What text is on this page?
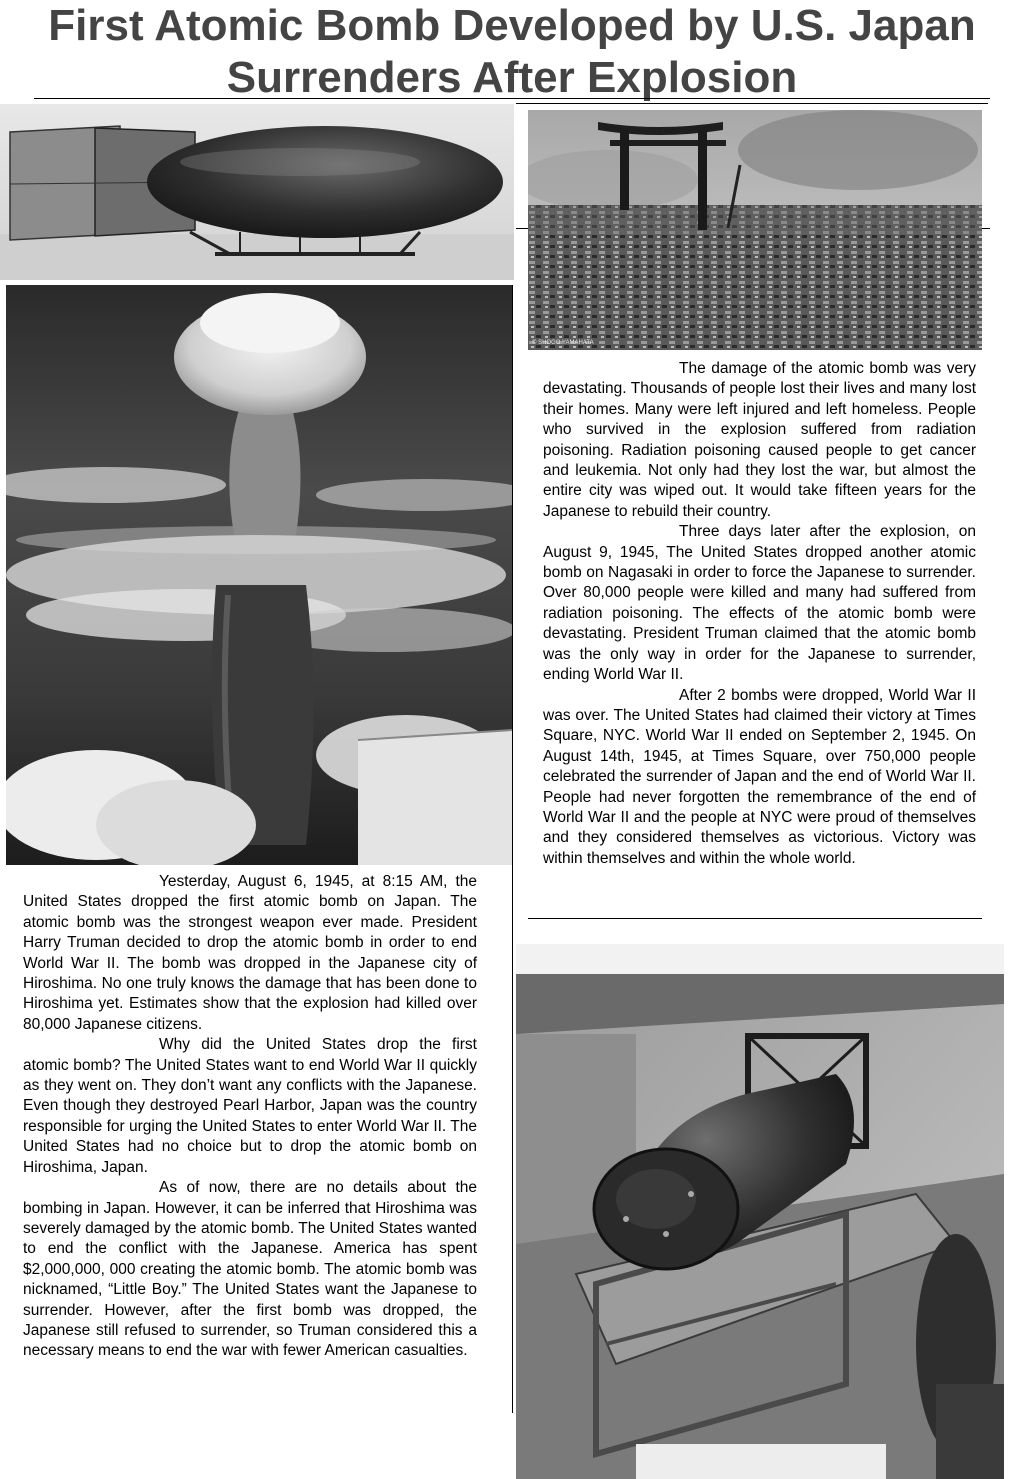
First Atomic Bomb Developed by U.S. Japan
Surrenders After Explosion
© SHOGO YAMAHATA

Yesterday, August 6, 1945, at 8:15 AM, the United States dropped the first atomic bomb on Japan. The atomic bomb was the strongest weapon ever made. President Harry Truman decided to drop the atomic bomb in order to end World War II. The bomb was dropped in the Japanese city of Hiroshima. No one truly knows the damage that has been done to Hiroshima yet. Estimates show that the explosion had killed over 80,000 Japanese citizens.

Why did the United States drop the first atomic bomb? The United States want to end World War II quickly as they went on. They don’t want any conflicts with the Japanese. Even though they destroyed Pearl Harbor, Japan was the country responsible for urging the United States to enter World War II. The United States had no choice but to drop the atomic bomb on Hiroshima, Japan.

As of now, there are no details about the bombing in Japan. However, it can be inferred that Hiroshima was severely damaged by the atomic bomb. The United States wanted to end the conflict with the Japanese. America has spent $2,000,000, 000 creating the atomic bomb. The atomic bomb was nicknamed, “Little Boy.” The United States want the Japanese to surrender. However, after the first bomb was dropped, the Japanese still refused to surrender, so Truman considered this a necessary means to end the war with fewer American casualties.

The damage of the atomic bomb was very devastating. Thousands of people lost their lives and many lost their homes. Many were left injured and left homeless. People who survived in the explosion suffered from radiation poisoning. Radiation poisoning caused people to get cancer and leukemia. Not only had they lost the war, but almost the entire city was wiped out. It would take fifteen years for the Japanese to rebuild their country.

Three days later after the explosion, on August 9, 1945, The United States dropped another atomic bomb on Nagasaki in order to force the Japanese to surrender. Over 80,000 people were killed and many had suffered from radiation poisoning. The effects of the atomic bomb were devastating. President Truman claimed that the atomic bomb was the only way in order for the Japanese to surrender, ending World War II.

After 2 bombs were dropped, World War II was over. The United States had claimed their victory at Times Square, NYC. World War II ended on September 2, 1945. On August 14th, 1945, at Times Square, over 750,000 people celebrated the surrender of Japan and the end of World War II. People had never forgotten the remembrance of the end of World War II and the people at NYC were proud of themselves and they considered themselves as victorious. Victory was within themselves and within the whole world.
